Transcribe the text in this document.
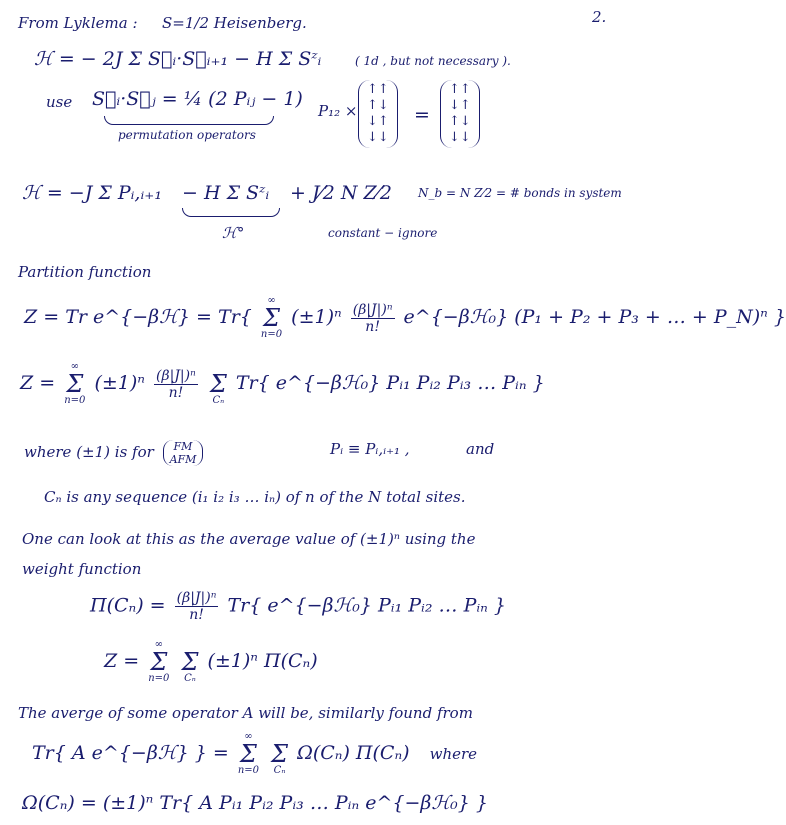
2.
From Lyklema : S=1/2 Heisenberg.
ℋ = − 2J Σ S⃗ᵢ·S⃗ᵢ₊₁ − H Σ Sᶻᵢ	( 1d , but not necessary ).
use S⃗ᵢ·S⃗ⱼ = ¼ (2 Pᵢⱼ − 1)
permutation operators
P₁₂ ×
↑↑
↑↓
↓↑
↓↓
=
↑↑
↓↑
↑↓
↓↓
ℋ = −J Σ Pᵢ,ᵢ₊₁ − H Σ Sᶻᵢ
ℋ°
+ J⁄2 N Z⁄2
constant − ignore
N_b = N Z⁄2 = # bonds in system
Partition function
Z = Tr e^{−βℋ} = Tr{
∞
Σ
n=0
$(\pm 1)^n \frac{\text{(β|J|)ⁿ}}{n!}$ e^{−βℋ₀} (P₁ + P₂ + P₃ + … + P_N)ⁿ }
Z =
∞
Σ
n=0
$(\pm 1)^n \frac{\text{(β|J|)ⁿ}}{n!}$

Σ
Cₙ
Tr{ e^{−βℋ₀} Pᵢ₁ Pᵢ₂ Pᵢ₃ … Pᵢₙ }
where (±1) is for	FM
AFM
Pᵢ ≡ Pᵢ,ᵢ₊₁ ,	and
Cₙ is any sequence (i₁ i₂ i₃ … iₙ) of n of the N total sites.
One can look at this as the average value of (±1)ⁿ using the
weight function
$\Pi(C_n) = \frac{\text{(β|J|)ⁿ}}{n!} Tr${ e^{−βℋ₀} Pᵢ₁ Pᵢ₂ … Pᵢₙ }
Z =
∞
Σ
n=0

Σ
Cₙ
(±1)ⁿ Π(Cₙ)
The averge of some operator A will be, similarly found from
Tr{ A e^{−βℋ} } =
∞
Σ
n=0

Σ
Cₙ
Ω(Cₙ) Π(Cₙ) where
Ω(Cₙ) = (±1)ⁿ Tr{ A Pᵢ₁ Pᵢ₂ Pᵢ₃ … Pᵢₙ e^{−βℋ₀} }
